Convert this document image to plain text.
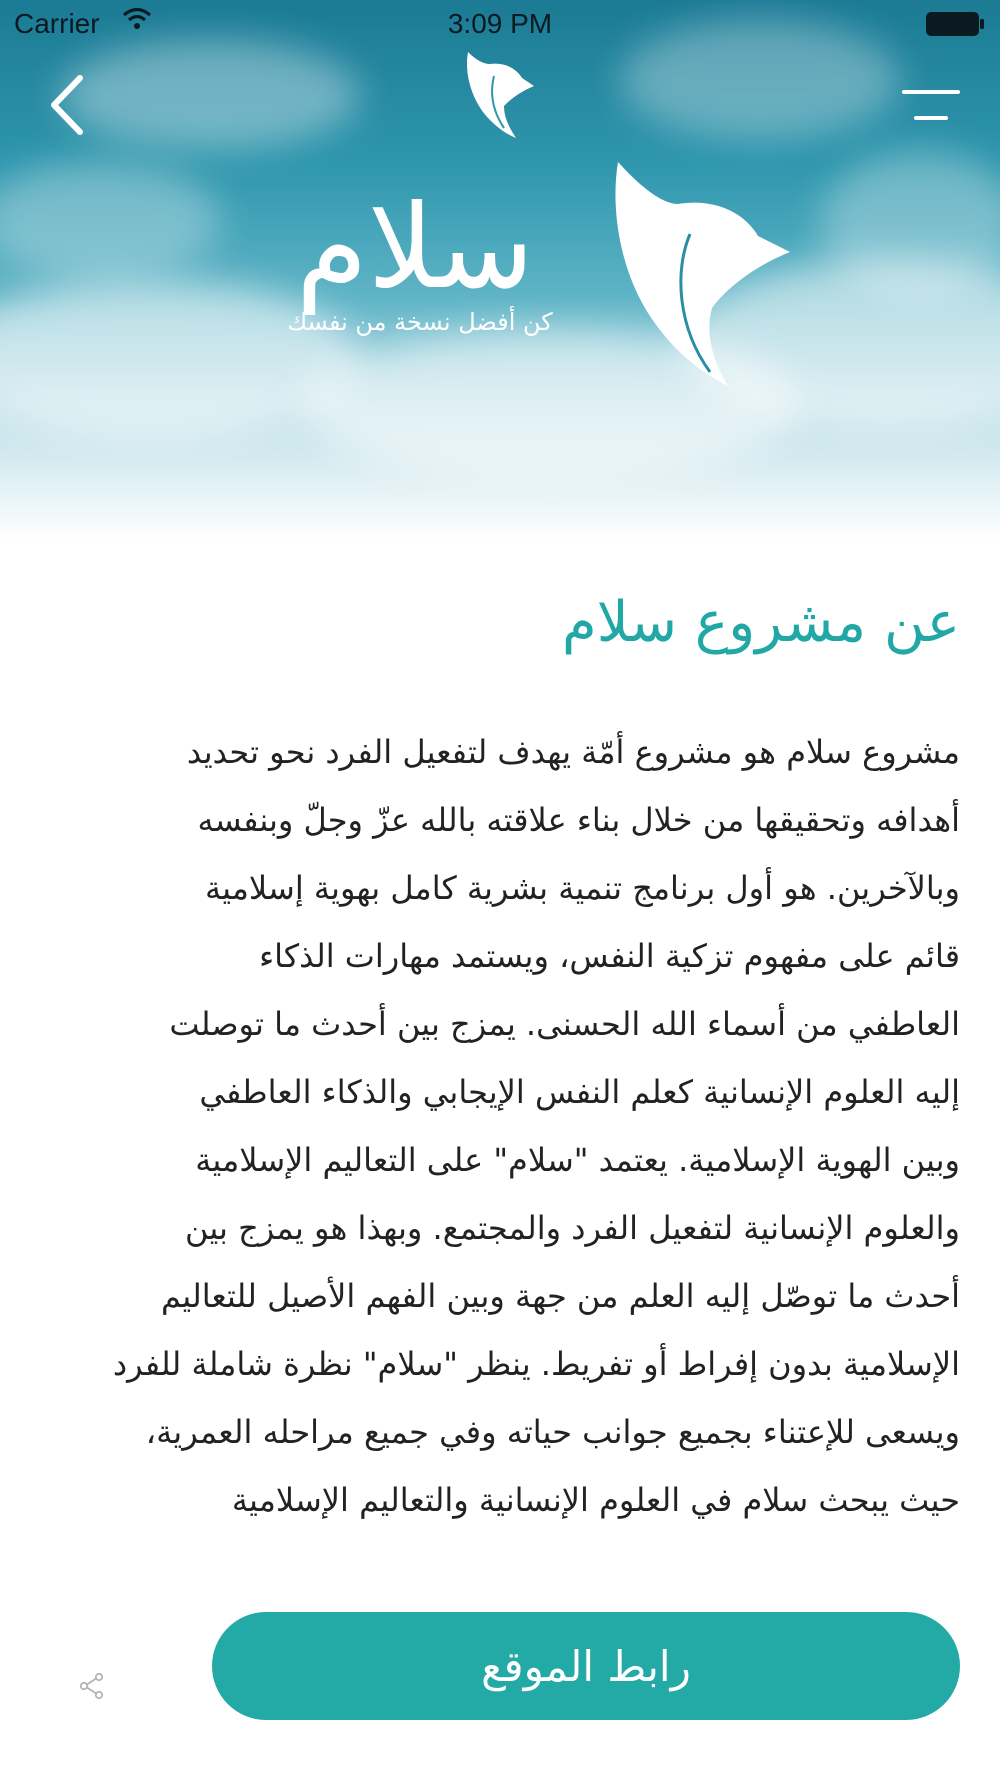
Carrier	3:09 PM
سلام
كن أفضل نسخة من نفسك
عن مشروع سلام
مشروع سلام هو مشروع أمّة يهدف لتفعيل الفرد نحو تحديد
أهدافه وتحقيقها من خلال بناء علاقته بالله عزّ وجلّ وبنفسه
وبالآخرين. هو أول برنامج تنمية بشرية كامل بهوية إسلامية
قائم على مفهوم تزكية النفس، ويستمد مهارات الذكاء
العاطفي من أسماء الله الحسنى. يمزج بين أحدث ما توصلت
إليه العلوم الإنسانية كعلم النفس الإيجابي والذكاء العاطفي
وبين الهوية الإسلامية. يعتمد "سلام" على التعاليم الإسلامية
والعلوم الإنسانية لتفعيل الفرد والمجتمع. وبهذا هو يمزج بين
أحدث ما توصّل إليه العلم من جهة وبين الفهم الأصيل للتعاليم
الإسلامية بدون إفراط أو تفريط. ينظر "سلام" نظرة شاملة للفرد
ويسعى للإعتناء بجميع جوانب حياته وفي جميع مراحله العمرية،
حيث يبحث سلام في العلوم الإنسانية والتعاليم الإسلامية
رابط الموقع
